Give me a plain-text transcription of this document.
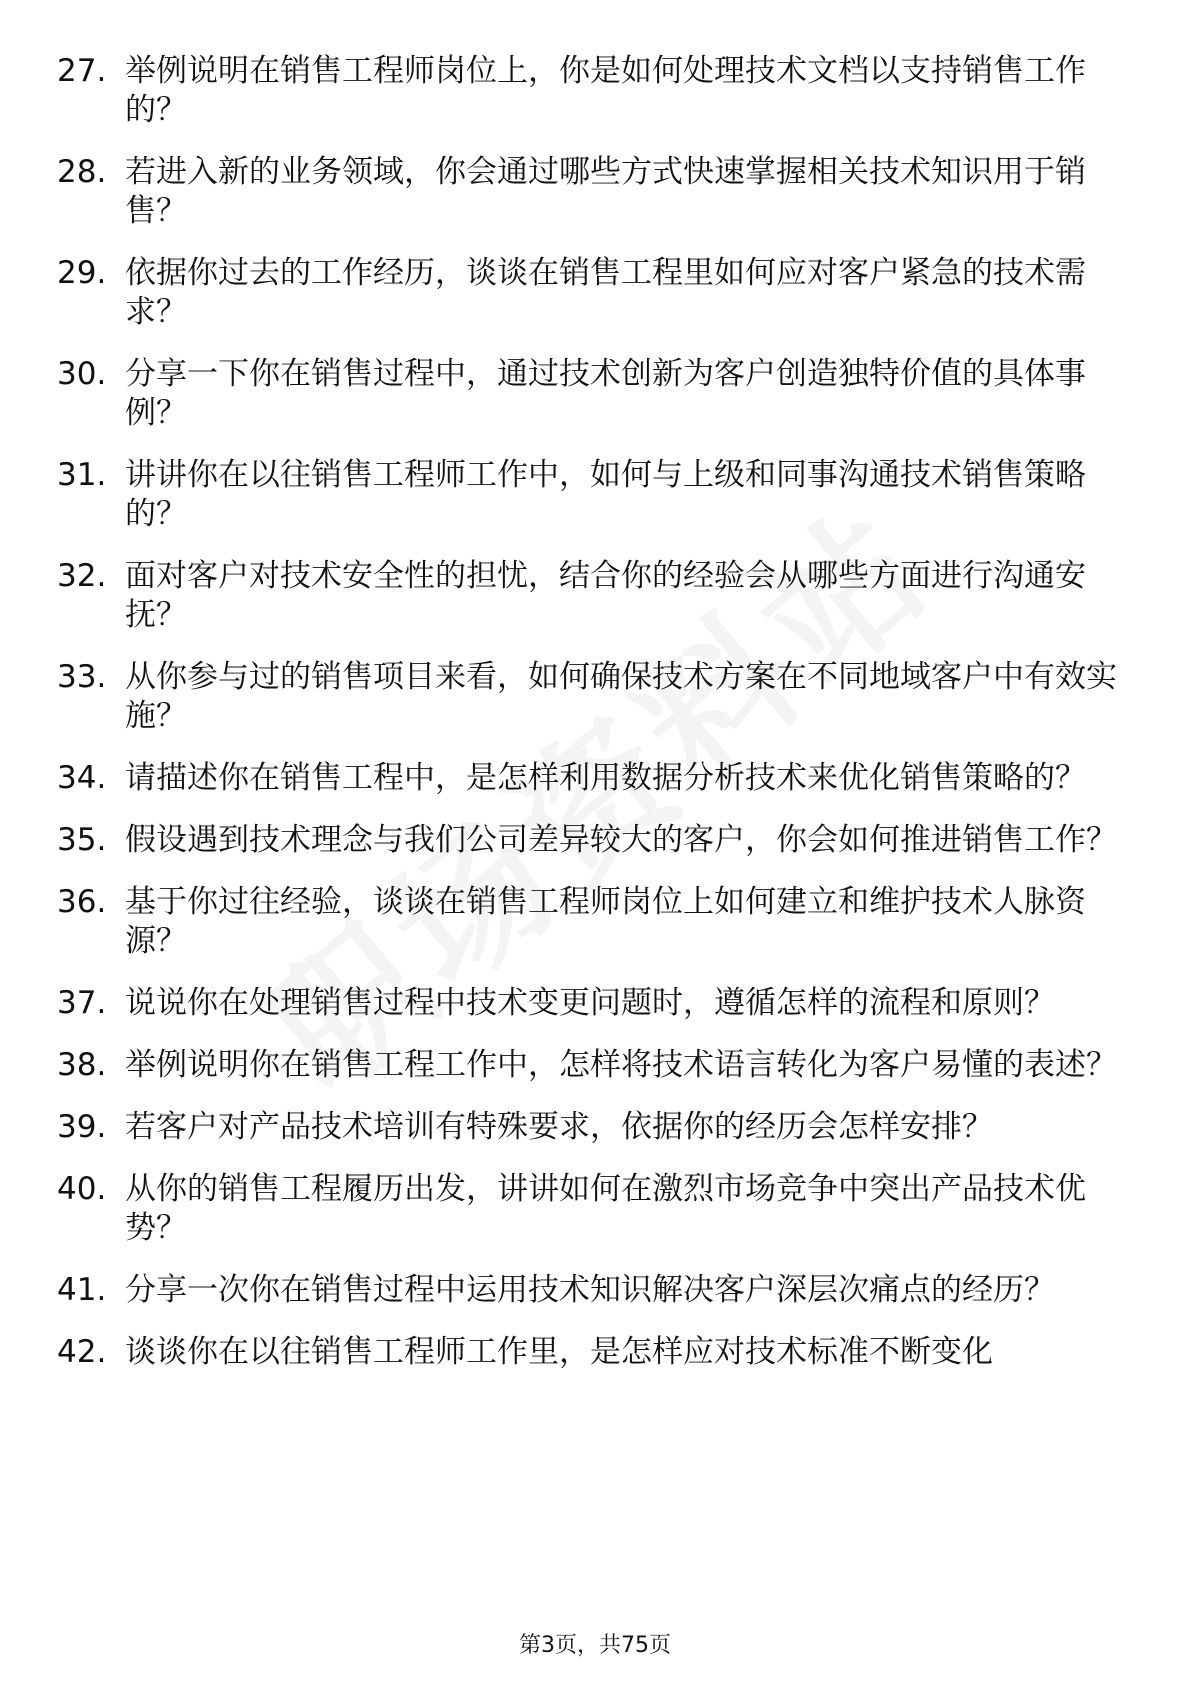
27. 举例说明在销售工程师岗位上，你是如何处理技术文档以支持销售工作的？
28. 若进入新的业务领域，你会通过哪些方式快速掌握相关技术知识用于销售？
29. 依据你过去的工作经历，谈谈在销售工程里如何应对客户紧急的技术需求？
30. 分享一下你在销售过程中，通过技术创新为客户创造独特价值的具体事例？
31. 讲讲你在以往销售工程师工作中，如何与上级和同事沟通技术销售策略的？
32. 面对客户对技术安全性的担忧，结合你的经验会从哪些方面进行沟通安抚？
33. 从你参与过的销售项目来看，如何确保技术方案在不同地域客户中有效实施？
34. 请描述你在销售工程中，是怎样利用数据分析技术来优化销售策略的？
35. 假设遇到技术理念与我们公司差异较大的客户，你会如何推进销售工作？
36. 基于你过往经验，谈谈在销售工程师岗位上如何建立和维护技术人脉资源？
37. 说说你在处理销售过程中技术变更问题时，遵循怎样的流程和原则？
38. 举例说明你在销售工程工作中，怎样将技术语言转化为客户易懂的表述？
39. 若客户对产品技术培训有特殊要求，依据你的经历会怎样安排？
40. 从你的销售工程履历出发，讲讲如何在激烈市场竞争中突出产品技术优势？
41. 分享一次你在销售过程中运用技术知识解决客户深层次痛点的经历？
42. 谈谈你在以往销售工程师工作里，是怎样应对技术标准不断变化
第3页，共75页
